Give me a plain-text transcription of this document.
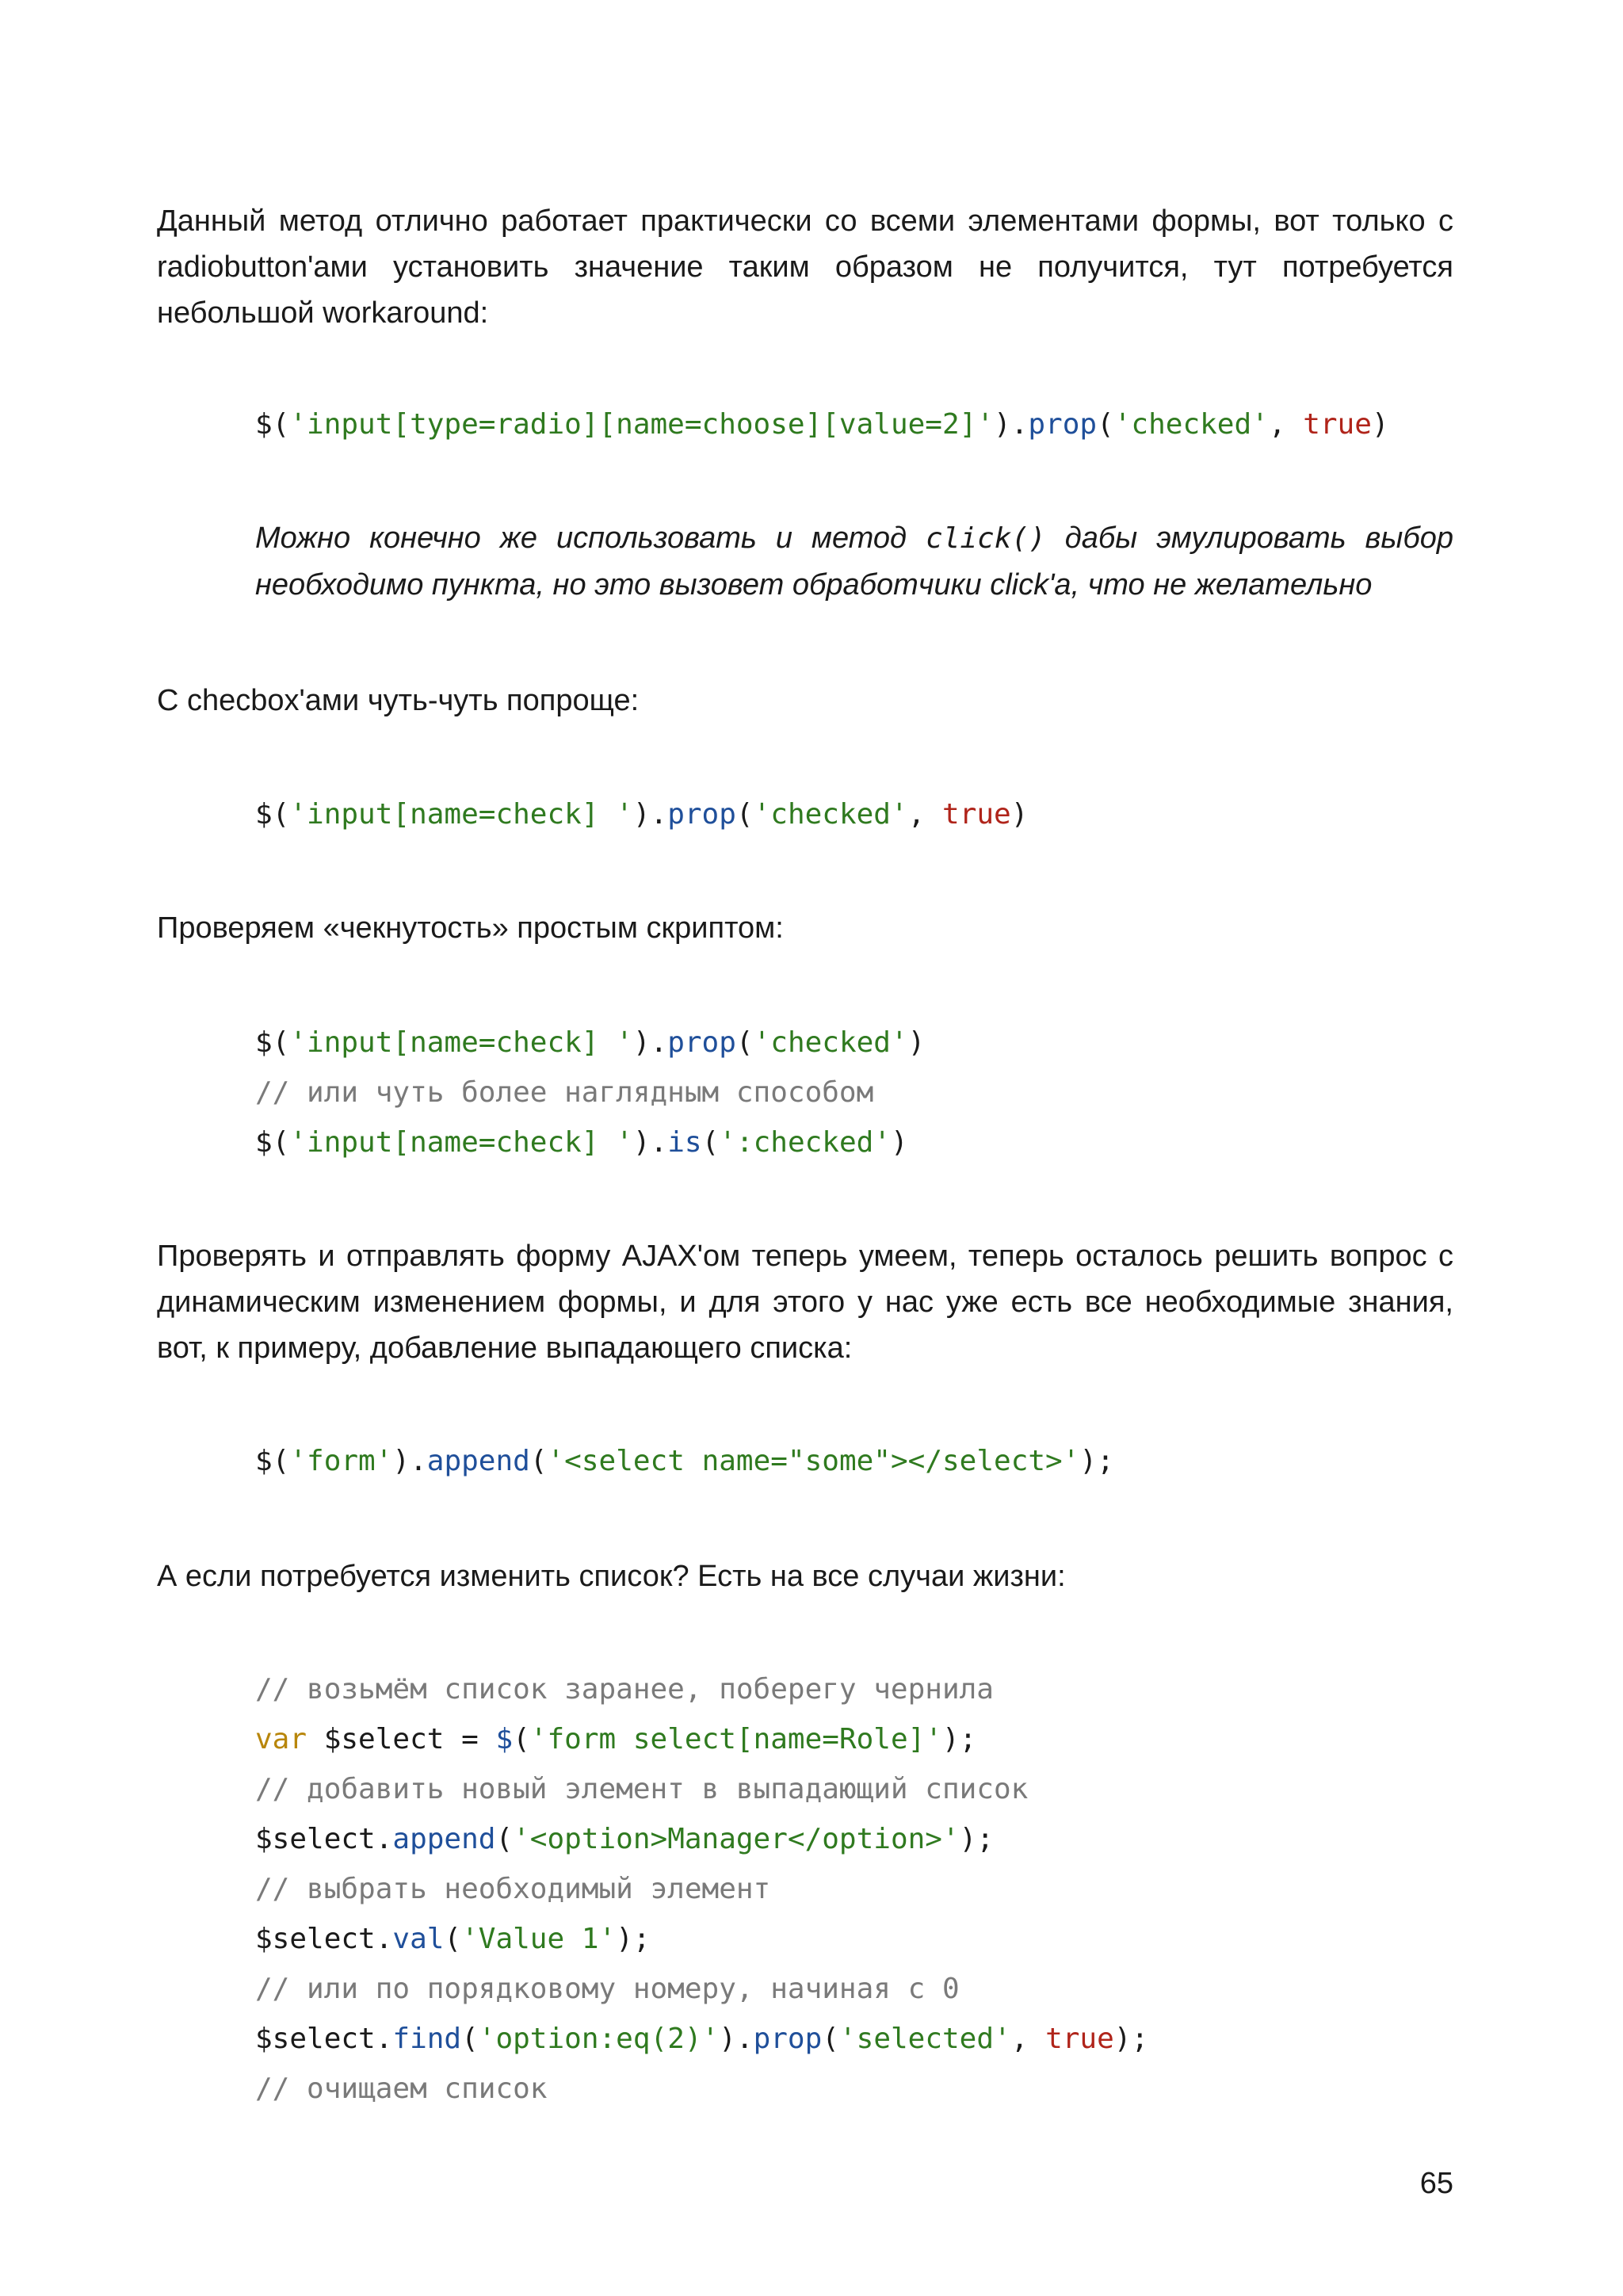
Данный метод отлично работает практически со всеми элементами формы, вот только с radiobutton'ами установить значение таким образом не получится, тут потребуется небольшой workaround:

$('input[type=radio][name=choose][value=2]').prop('checked', true)

Можно конечно же использовать и метод click() дабы эмулировать выбор необходимо пункта, но это вызовет обработчики click'а, что не желательно

С checbox'ами чуть-чуть попроще:

$('input[name=check] ').prop('checked', true)

Проверяем «чекнутость» простым скриптом:

$('input[name=check] ').prop('checked')
// или чуть более наглядным способом
$('input[name=check] ').is(':checked')

Проверять и отправлять форму AJAX'ом теперь умеем, теперь осталось решить вопрос с динамическим изменением формы, и для этого у нас уже есть все необходимые знания, вот, к примеру, добавление выпадающего списка:

$('form').append('<select name="some"></select>');

А если потребуется изменить список? Есть на все случаи жизни:

// возьмём список заранее, поберегу чернила
var $select = $('form select[name=Role]');
// добавить новый элемент в выпадающий список
$select.append('<option>Manager</option>');
// выбрать необходимый элемент
$select.val('Value 1');
// или по порядковому номеру, начиная с 0
$select.find('option:eq(2)').prop('selected', true);
// очищаем список
65
